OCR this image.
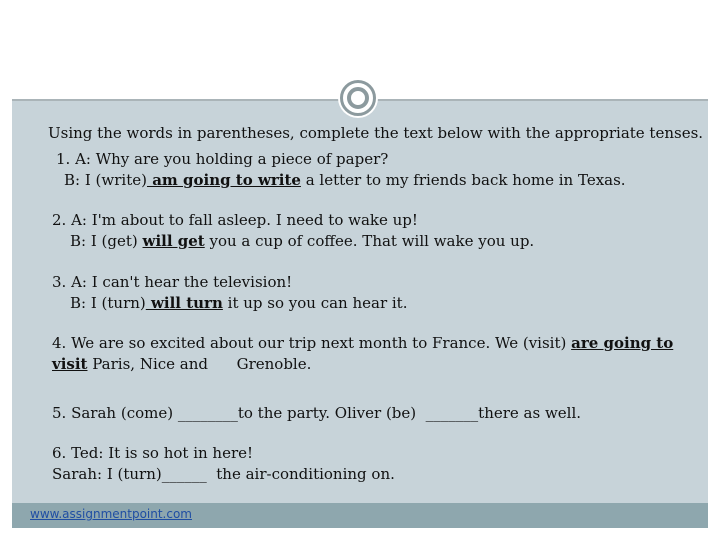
Using the words in parentheses, complete the text below with the appropriate tenses.
1. A: Why are you holding a piece of paper?
B: I (write) am going to write a letter to my friends back home in Texas.
2. A: I'm about to fall asleep. I need to wake up!
B: I (get) will get you a cup of coffee. That will wake you up.
3. A: I can't hear the television!
B: I (turn) will turn it up so you can hear it.
4. We are so excited about our trip next month to France. We (visit) are going to
visit Paris, Nice and      Grenoble.
5. Sarah (come) ________to the party. Oliver (be)  _______there as well.
6. Ted: It is so hot in here!
Sarah: I (turn)______  the air-conditioning on.
www.assignmentpoint.com
